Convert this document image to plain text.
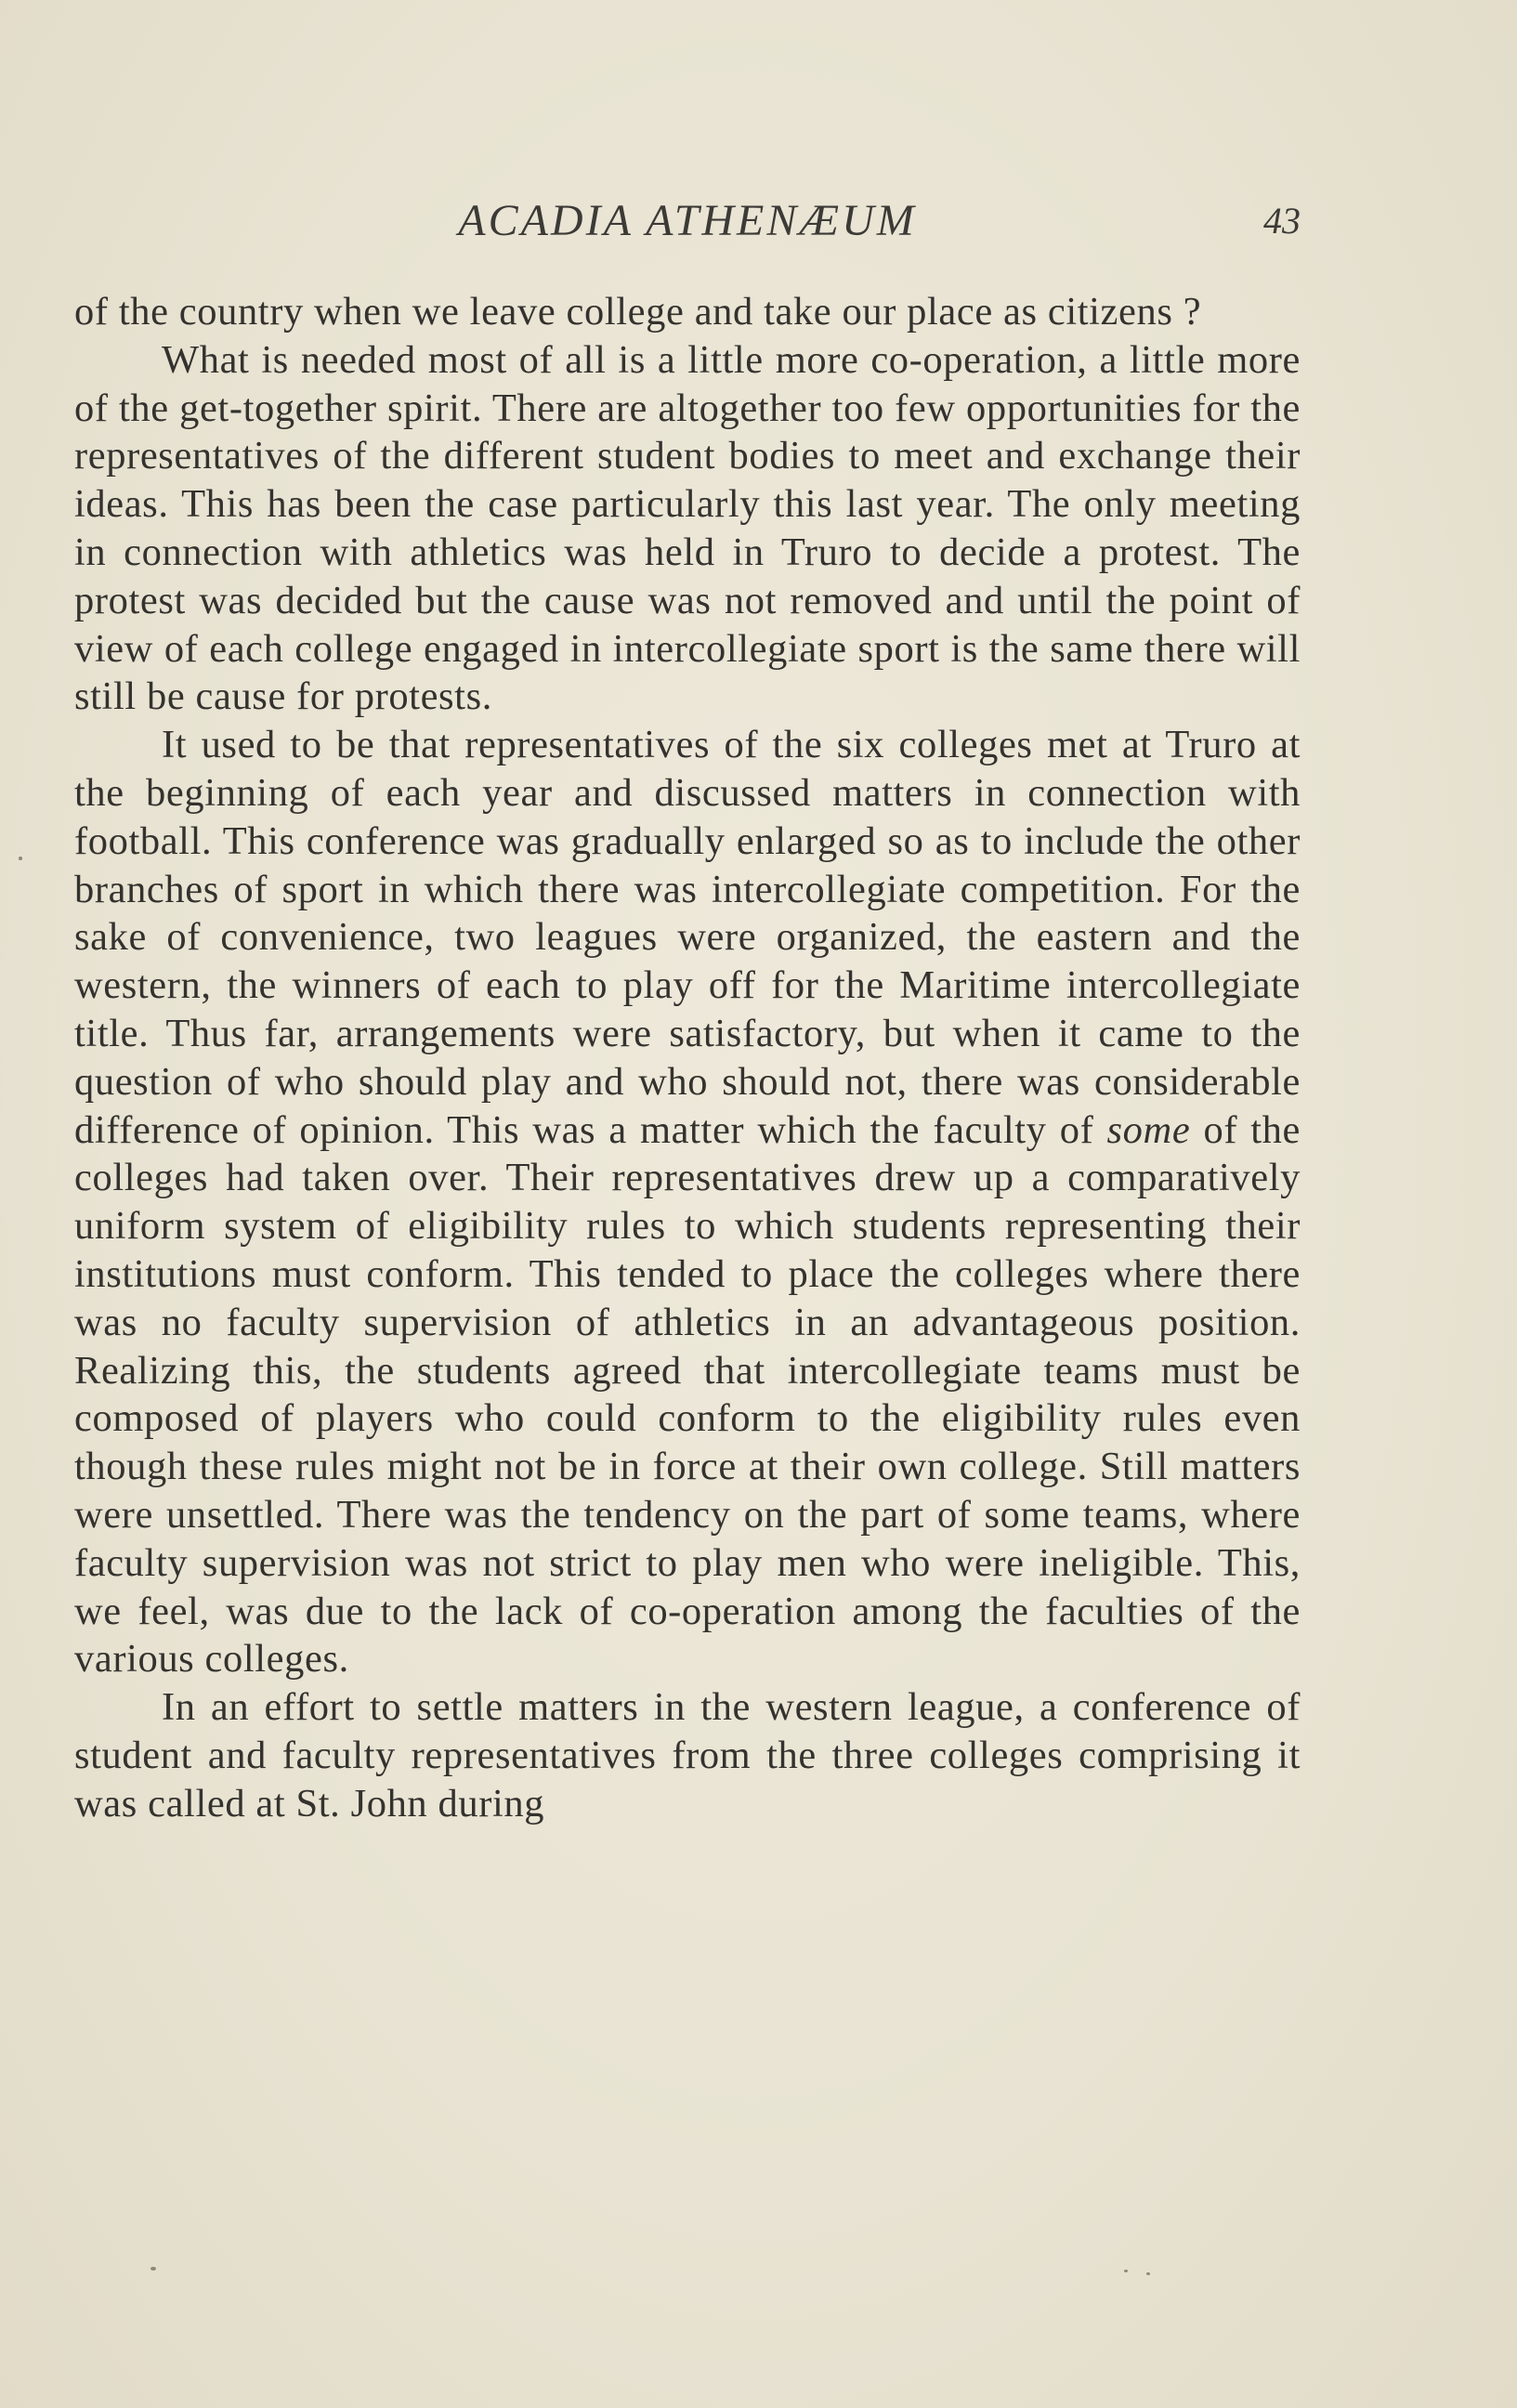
ACADIA ATHENÆUM	43

of the country when we leave college and take our place as citizens ?

What is needed most of all is a little more co-operation, a little more of the get-together spirit. There are altogether too few opportunities for the representatives of the different student bodies to meet and exchange their ideas. This has been the case particularly this last year. The only meeting in connection with athletics was held in Truro to decide a protest. The protest was decided but the cause was not removed and until the point of view of each college engaged in intercollegiate sport is the same there will still be cause for protests.

It used to be that representatives of the six colleges met at Truro at the beginning of each year and discussed matters in connection with football. This conference was gradually enlarged so as to include the other branches of sport in which there was intercollegiate competition. For the sake of convenience, two leagues were organized, the eastern and the western, the winners of each to play off for the Maritime intercollegiate title. Thus far, arrangements were satisfactory, but when it came to the question of who should play and who should not, there was considerable difference of opinion. This was a matter which the faculty of some of the colleges had taken over. Their representatives drew up a comparatively uniform system of eligibility rules to which students representing their institutions must conform. This tended to place the colleges where there was no faculty supervision of athletics in an advantageous position. Realizing this, the students agreed that intercollegiate teams must be composed of players who could conform to the eligibility rules even though these rules might not be in force at their own college. Still matters were unsettled. There was the tendency on the part of some teams, where faculty supervision was not strict to play men who were ineligible. This, we feel, was due to the lack of co-operation among the faculties of the various colleges.

In an effort to settle matters in the western league, a conference of student and faculty representatives from the three colleges comprising it was called at St. John during
